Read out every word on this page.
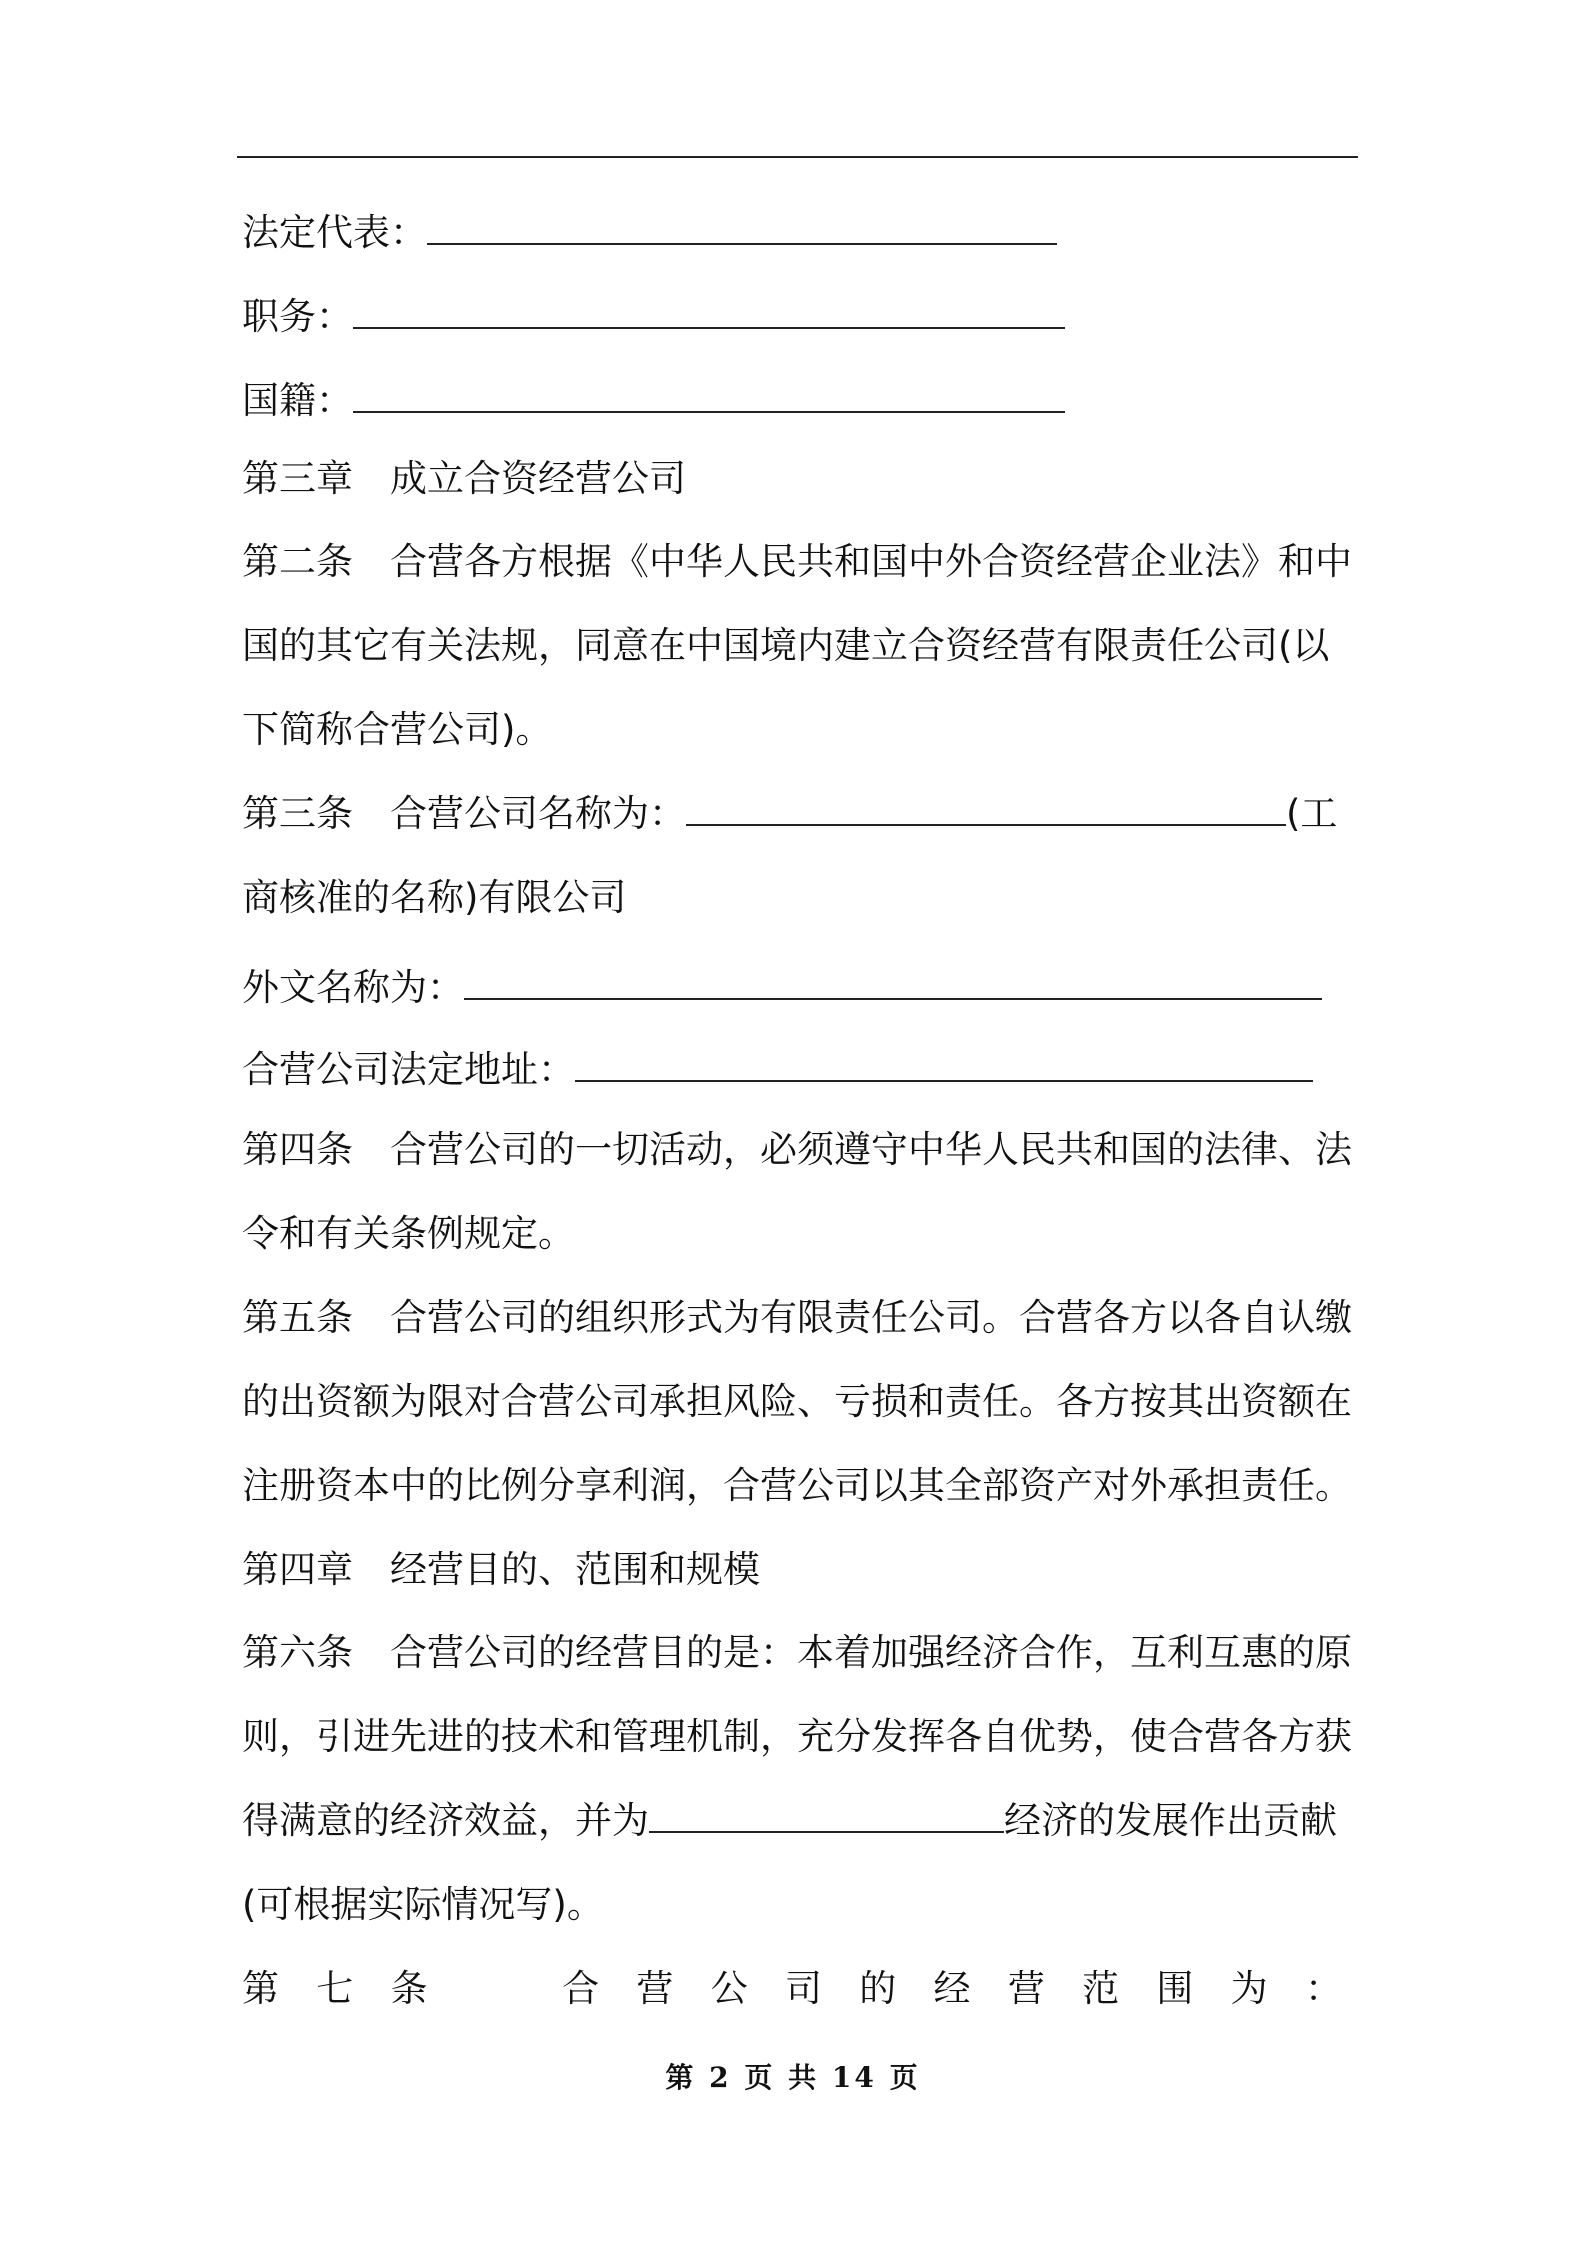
法定代表：
职务：
国籍：
第三章　成立合资经营公司
第二条　合营各方根据《中华人民共和国中外合资经营企业法》和中
国的其它有关法规，同意在中国境内建立合资经营有限责任公司(以
下简称合营公司)。
第三条　合营公司名称为：	(工
商核准的名称)有限公司
外文名称为：
合营公司法定地址：
第四条　合营公司的一切活动，必须遵守中华人民共和国的法律、法
令和有关条例规定。
第五条　合营公司的组织形式为有限责任公司。合营各方以各自认缴
的出资额为限对合营公司承担风险、亏损和责任。各方按其出资额在
注册资本中的比例分享利润，合营公司以其全部资产对外承担责任。
第四章　经营目的、范围和规模
第六条　合营公司的经营目的是：本着加强经济合作，互利互惠的原
则，引进先进的技术和管理机制，充分发挥各自优势，使合营各方获
得满意的经济效益，并为	经济的发展作出贡献
(可根据实际情况写)。
第 七 条	合 营 公 司 的 经 营 范 围 为 ：
第 2 页 共 14 页
